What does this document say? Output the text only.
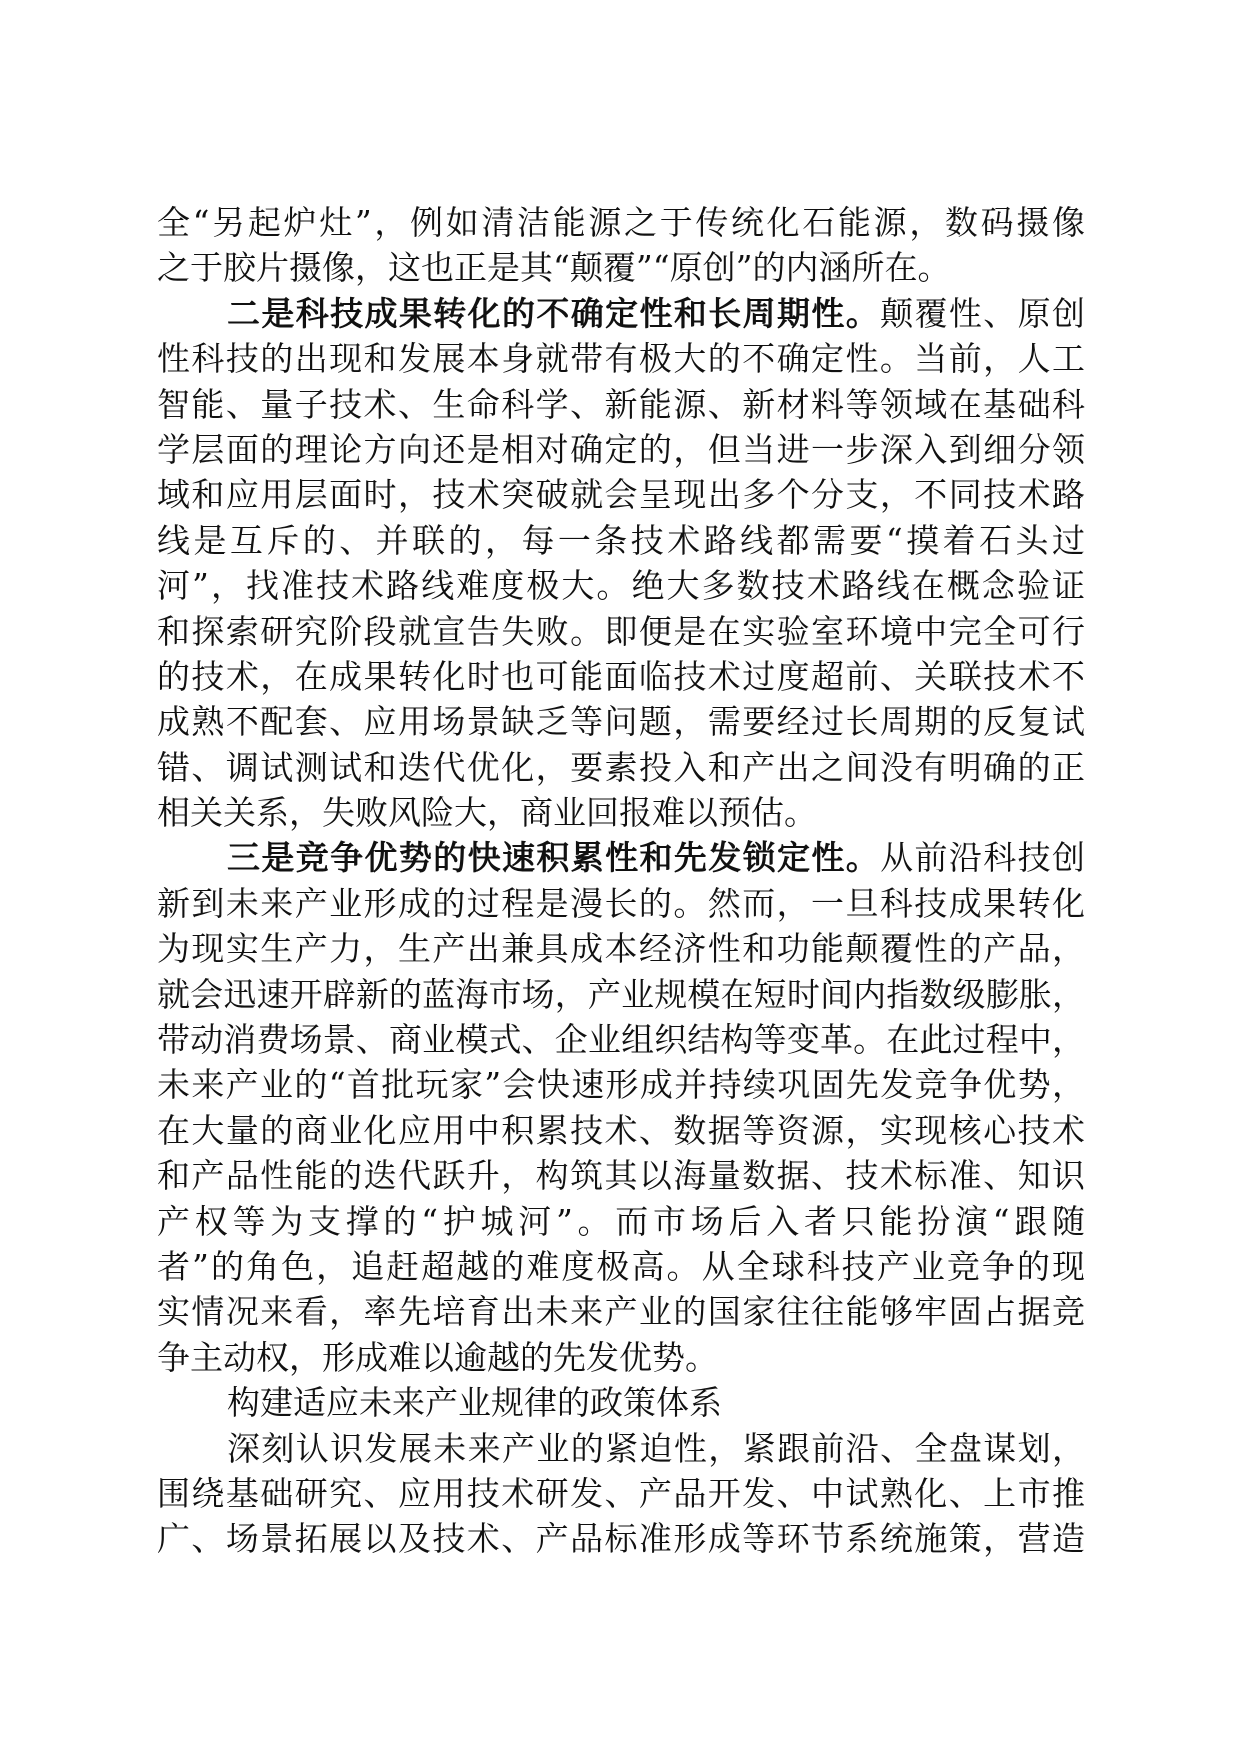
全“另起炉灶”，例如清洁能源之于传统化石能源，数码摄像
之于胶片摄像，这也正是其“颠覆”“原创”的内涵所在。
二是科技成果转化的不确定性和长周期性。颠覆性、原创
性科技的出现和发展本身就带有极大的不确定性。当前，人工
智能、量子技术、生命科学、新能源、新材料等领域在基础科
学层面的理论方向还是相对确定的，但当进一步深入到细分领
域和应用层面时，技术突破就会呈现出多个分支，不同技术路
线是互斥的、并联的，每一条技术路线都需要“摸着石头过
河”，找准技术路线难度极大。绝大多数技术路线在概念验证
和探索研究阶段就宣告失败。即便是在实验室环境中完全可行
的技术，在成果转化时也可能面临技术过度超前、关联技术不
成熟不配套、应用场景缺乏等问题，需要经过长周期的反复试
错、调试测试和迭代优化，要素投入和产出之间没有明确的正
相关关系，失败风险大，商业回报难以预估。
三是竞争优势的快速积累性和先发锁定性。从前沿科技创
新到未来产业形成的过程是漫长的。然而，一旦科技成果转化
为现实生产力，生产出兼具成本经济性和功能颠覆性的产品，
就会迅速开辟新的蓝海市场，产业规模在短时间内指数级膨胀，
带动消费场景、商业模式、企业组织结构等变革。在此过程中，
未来产业的“首批玩家”会快速形成并持续巩固先发竞争优势，
在大量的商业化应用中积累技术、数据等资源，实现核心技术
和产品性能的迭代跃升，构筑其以海量数据、技术标准、知识
产权等为支撑的“护城河”。而市场后入者只能扮演“跟随
者”的角色，追赶超越的难度极高。从全球科技产业竞争的现
实情况来看，率先培育出未来产业的国家往往能够牢固占据竞
争主动权，形成难以逾越的先发优势。
构建适应未来产业规律的政策体系
深刻认识发展未来产业的紧迫性，紧跟前沿、全盘谋划，
围绕基础研究、应用技术研发、产品开发、中试熟化、上市推
广、场景拓展以及技术、产品标准形成等环节系统施策，营造
